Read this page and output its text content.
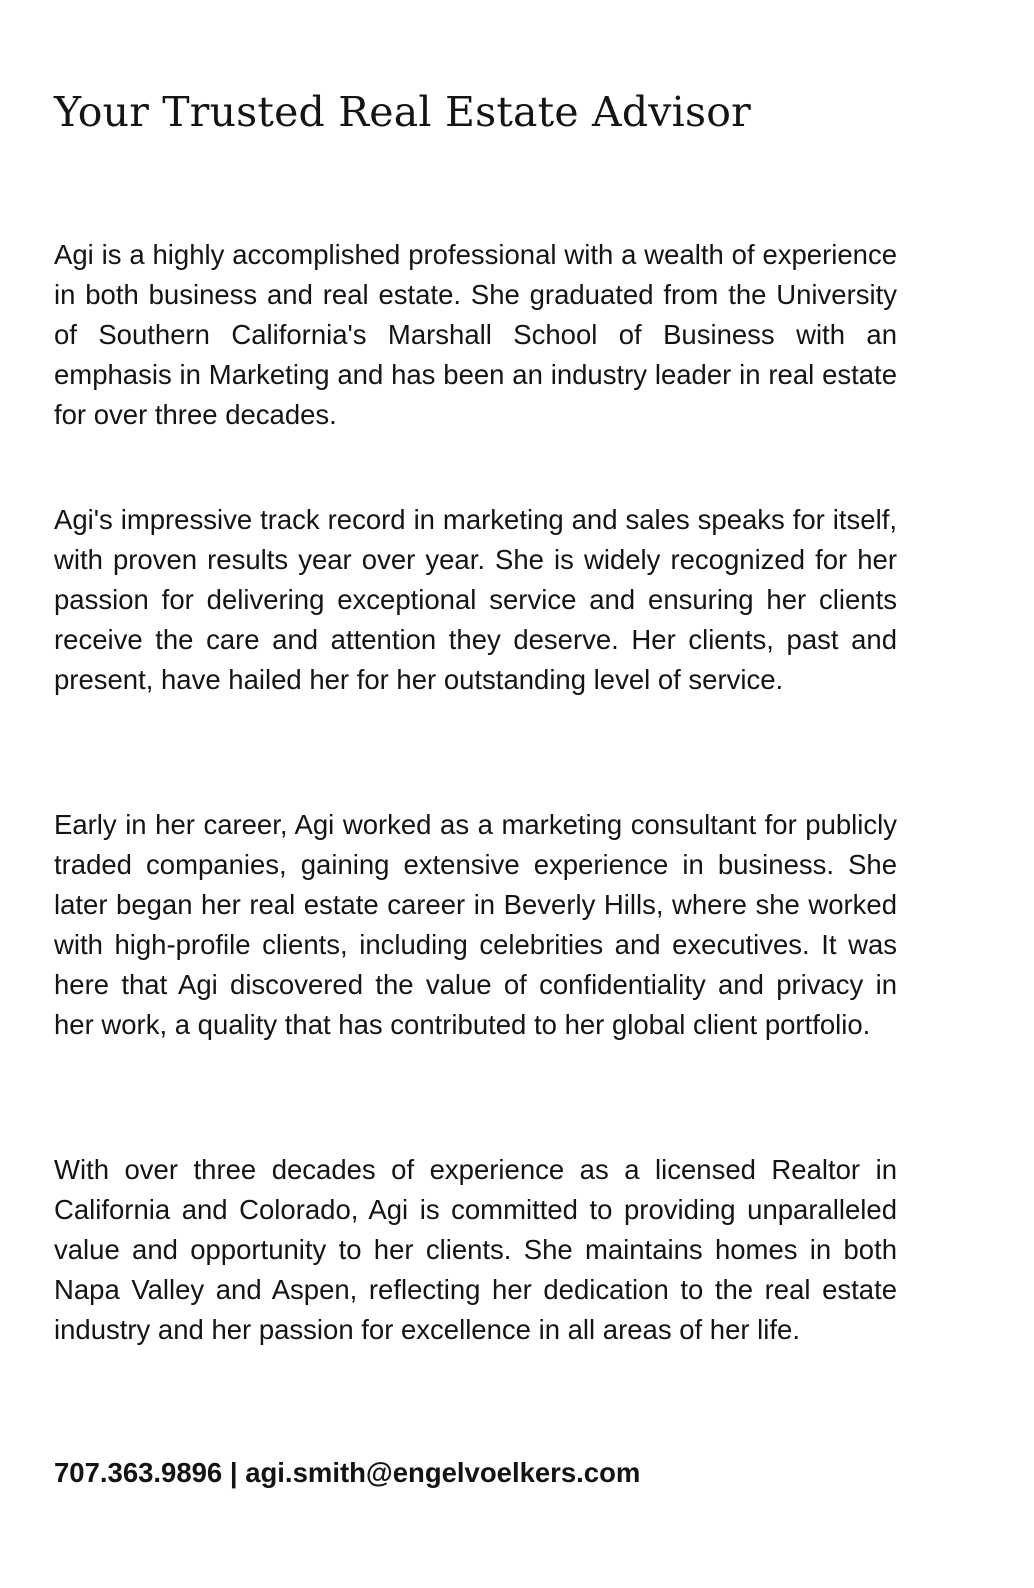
Your Trusted Real Estate Advisor

Agi is a highly accomplished professional with a wealth of experience in both business and real estate. She graduated from the University of Southern California's Marshall School of Business with an emphasis in Marketing and has been an industry leader in real estate for over three decades.

Agi's impressive track record in marketing and sales speaks for itself, with proven results year over year. She is widely recognized for her passion for delivering exceptional service and ensuring her clients receive the care and attention they deserve. Her clients, past and present, have hailed her for her outstanding level of service.

Early in her career, Agi worked as a marketing consultant for publicly traded companies, gaining extensive experience in business. She later began her real estate career in Beverly Hills, where she worked with high-profile clients, including celebrities and executives. It was here that Agi discovered the value of confidentiality and privacy in her work, a quality that has contributed to her global client portfolio.

With over three decades of experience as a licensed Realtor in California and Colorado, Agi is committed to providing unparalleled value and opportunity to her clients. She maintains homes in both Napa Valley and Aspen, reflecting her dedication to the real estate industry and her passion for excellence in all areas of her life.

707.363.9896 | agi.smith@engelvoelkers.com
